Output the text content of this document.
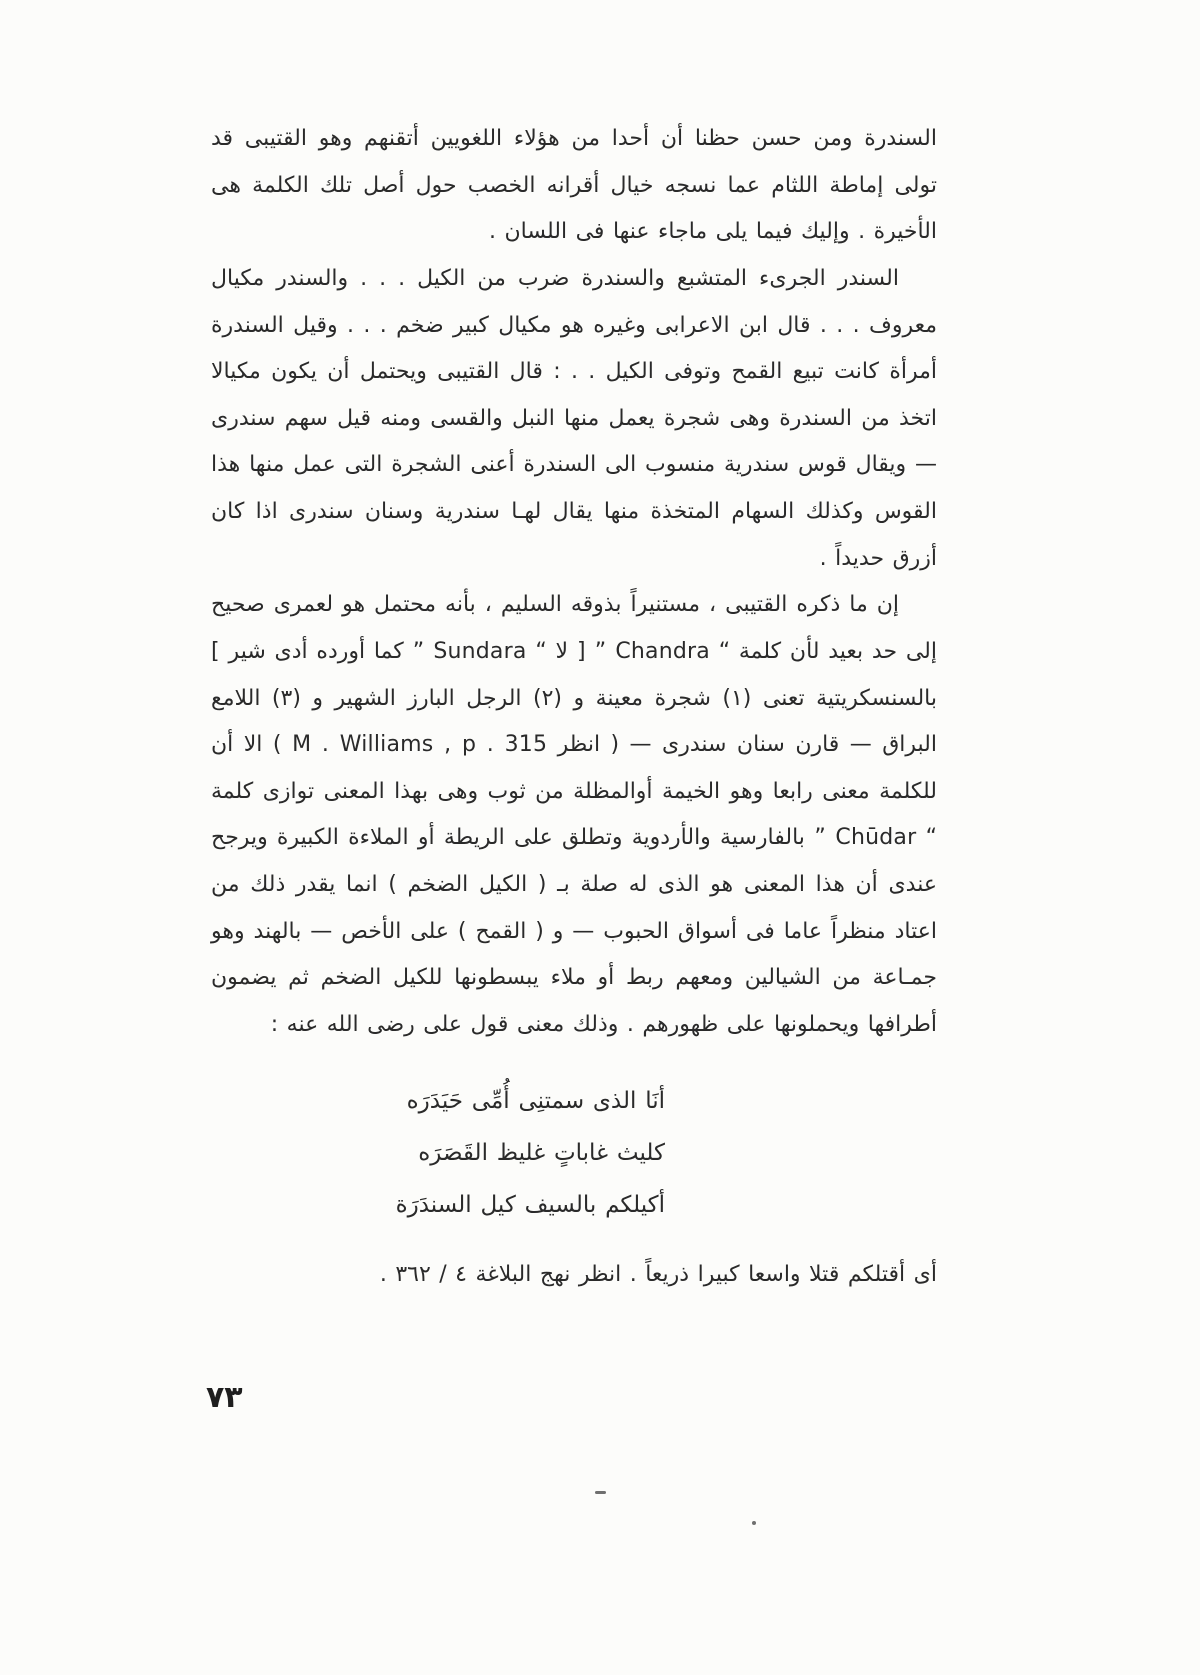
السندرة ومن حسن حظنا أن أحدا من هؤلاء اللغويين أتقنهم وهو القتيبى قد تولى إماطة اللثام عما نسجه خيال أقرانه الخصب حول أصل تلك الكلمة هى الأخيرة . وإليك فيما يلى ماجاء عنها فى اللسان .

السندر الجرىء المتشبع والسندرة ضرب من الكيل . . . والسندر مكيال معروف . . . قال ابن الاعرابى وغيره هو مكيال كبير ضخم . . . وقيل السندرة أمرأة كانت تبيع القمح وتوفى الكيل . . : قال القتيبى ويحتمل أن يكون مكيالا اتخذ من السندرة وهى شجرة يعمل منها النبل والقسى ومنه قيل سهم سندرى — ويقال قوس سندرية منسوب الى السندرة أعنى الشجرة التى عمل منها هذا القوس وكذلك السهام المتخذة منها يقال لهـا سندرية وسنان سندرى اذا كان أزرق حديداً .

إن ما ذكره القتيبى ، مستنيراً بذوقه السليم ، بأنه محتمل هو لعمرى صحيح إلى حد بعيد لأن كلمة “ Chandra ” [ لا “ Sundara ” كما أورده أدى شير ] بالسنسكريتية تعنى (١) شجرة معينة و (٢) الرجل البارز الشهير و (٣) اللامع البراق — قارن سنان سندرى — ( انظر M . Williams , p . 315 ) الا أن للكلمة معنى رابعا وهو الخيمة أوالمظلة من ثوب وهى بهذا المعنى توازى كلمة “ Chūdar ” بالفارسية والأردوية وتطلق على الريطة أو الملاءة الكبيرة ويرجح عندى أن هذا المعنى هو الذى له صلة بـ ( الكيل الضخم ) انما يقدر ذلك من اعتاد منظراً عاما فى أسواق الحبوب — و ( القمح ) على الأخص — بالهند وهو جمـاعة من الشيالين ومعهم ربط أو ملاء يبسطونها للكيل الضخم ثم يضمون أطرافها ويحملونها على ظهورهم . وذلك معنى قول على رضى الله عنه :

أنَا الذى سمتنِى أُمِّى حَيَدَرَه

كليث غاباتٍ غليظ القَصَرَه

أكيلكم بالسيف كيل السندَرَة

أى أقتلكم قتلا واسعا كبيرا ذريعاً . انظر نهج البلاغة ٤ / ٣٦٢ .

٧٣
